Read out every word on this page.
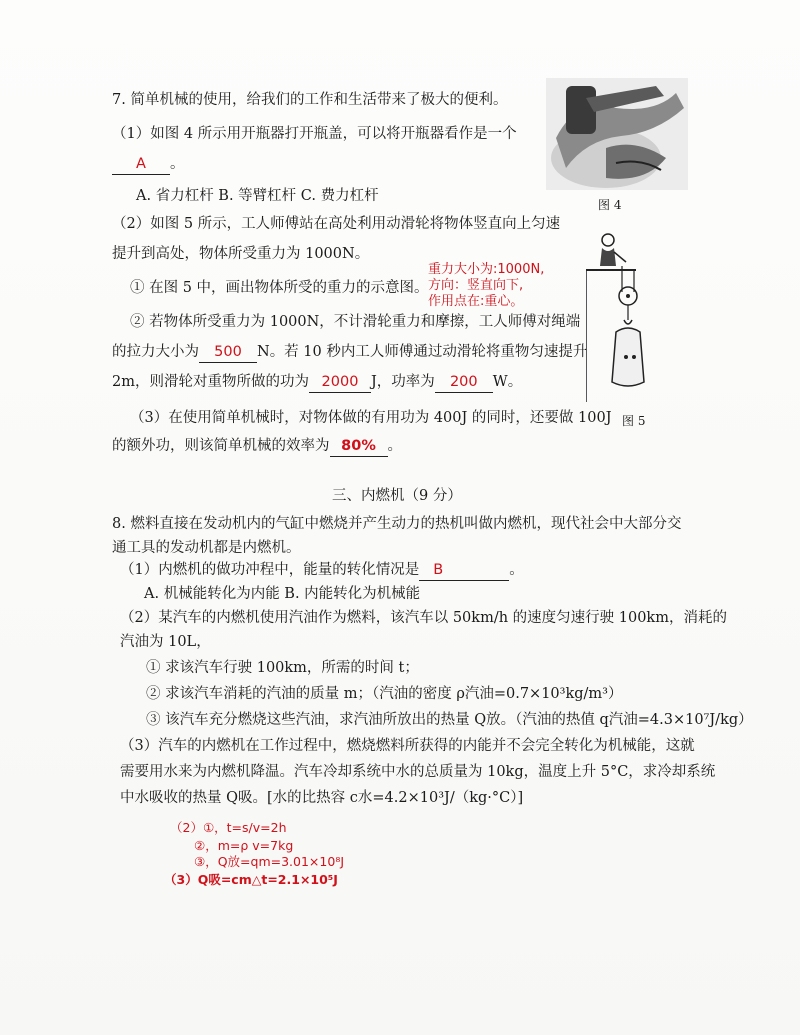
7. 简单机械的使用，给我们的工作和生活带来了极大的便利。
（1）如图 4 所示用开瓶器打开瓶盖，可以将开瓶器看作是一个
A 。
A. 省力杠杆 B. 等臂杠杆 C. 费力杠杆
图 4
（2）如图 5 所示，工人师傅站在高处利用动滑轮将物体竖直向上匀速
提升到高处，物体所受重力为 1000N。
① 在图 5 中，画出物体所受的重力的示意图。
重力大小为:1000N,
方向：竖直向下,
作用点在:重心。
② 若物体所受重力为 1000N，不计滑轮重力和摩擦，工人师傅对绳端
的拉力大小为 500 N。若 10 秒内工人师傅通过动滑轮将重物匀速提升
2m，则滑轮对重物所做的功为 2000 J，功率为 200 W。
图 5
（3）在使用简单机械时，对物体做的有用功为 400J 的同时，还要做 100J
的额外功，则该简单机械的效率为 80% 。
三、内燃机（9 分）
8. 燃料直接在发动机内的气缸中燃烧并产生动力的热机叫做内燃机，现代社会中大部分交
通工具的发动机都是内燃机。
（1）内燃机的做功冲程中，能量的转化情况是 B	。
A. 机械能转化为内能 B. 内能转化为机械能
（2）某汽车的内燃机使用汽油作为燃料，该汽车以 50km/h 的速度匀速行驶 100km，消耗的
汽油为 10L，
① 求该汽车行驶 100km，所需的时间 t；
② 求该汽车消耗的汽油的质量 m；（汽油的密度 ρ汽油=0.7×10³kg/m³）
③ 该汽车充分燃烧这些汽油，求汽油所放出的热量 Q放。（汽油的热值 q汽油=4.3×10⁷J/kg）
（3）汽车的内燃机在工作过程中，燃烧燃料所获得的内能并不会完全转化为机械能，这就
需要用水来为内燃机降温。汽车冷却系统中水的总质量为 10kg，温度上升 5°C，求冷却系统
中水吸收的热量 Q吸。[水的比热容 c水=4.2×10³J/（kg·°C）]
（2）①，t=s/v=2h
②，m=ρ v=7kg
③，Q放=qm=3.01×10⁸J
（3）Q吸=cm△t=2.1×10⁵J
